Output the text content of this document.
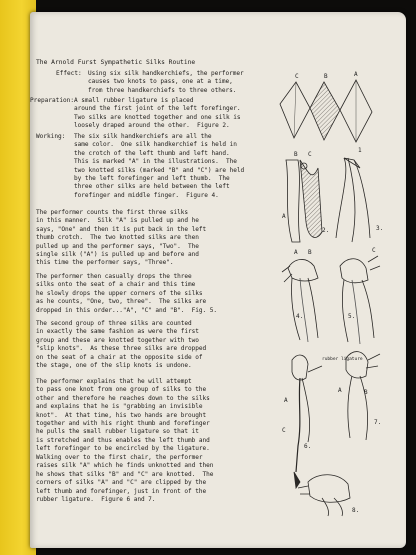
The Arnold Furst Sympathetic Silks Routine
Effect: Using six silk handkerchiefs, the performer
causes two knots to pass, one at a time,
from three handkerchiefs to three others.
Preparation: A small rubber ligature is placed
around the first joint of the left forefinger.
Two silks are knotted together and one silk is
loosely draped around the other.  Figure 2.
Working: The six silk handkerchiefs are all the
same color.  One silk handkerchief is held in
the crotch of the left thumb and left hand.
This is marked "A" in the illustrations.  The
two knotted silks (marked "B" and "C") are held
by the left forefinger and left thumb.  The
three other silks are held between the left
forefinger and middle finger.  Figure 4.
The performer counts the first three silks
in this manner.  Silk "A" is pulled up and he
says, "One" and then it is put back in the left
thumb crotch.  The two knotted silks are then
pulled up and the performer says, "Two".  The
single silk ("A") is pulled up and before and
this time the performer says, "Three".
The performer then casually drops the three
silks onto the seat of a chair and this time
he slowly drops the upper corners of the silks
as he counts, "One, two, three".  The silks are
dropped in this order..."A", "C" and "B".  Fig. 5.
The second group of three silks are counted
in exactly the same fashion as were the first
group and these are knotted together with two
"slip knots".  As these three silks are dropped
on the seat of a chair at the opposite side of
the stage, one of the slip knots is undone.
The performer explains that he will attempt
to pass one knot from one group of silks to the
other and therefore he reaches down to the silks
and explains that he is "grabbing an invisible
knot".  At that time, his two hands are brought
together and with his right thumb and forefinger
he pulls the small rubber ligature so that it
is stretched and thus enables the left thumb and
left forefinger to be encircled by the ligature.
Walking over to the first chair, the performer
raises silk "A" which he finds unknotted and then
he shows that silks "B" and "C" are knotted.  The
corners of silks "A" and "C" are clipped by the
left thumb and forefinger, just in front of the
rubber ligature.  Figure 6 and 7.
C	B	A
1
B C
A
2.	3.
A B
4.
C
5.
A
A
rubber ligature
C
6.
B
7.
8.
